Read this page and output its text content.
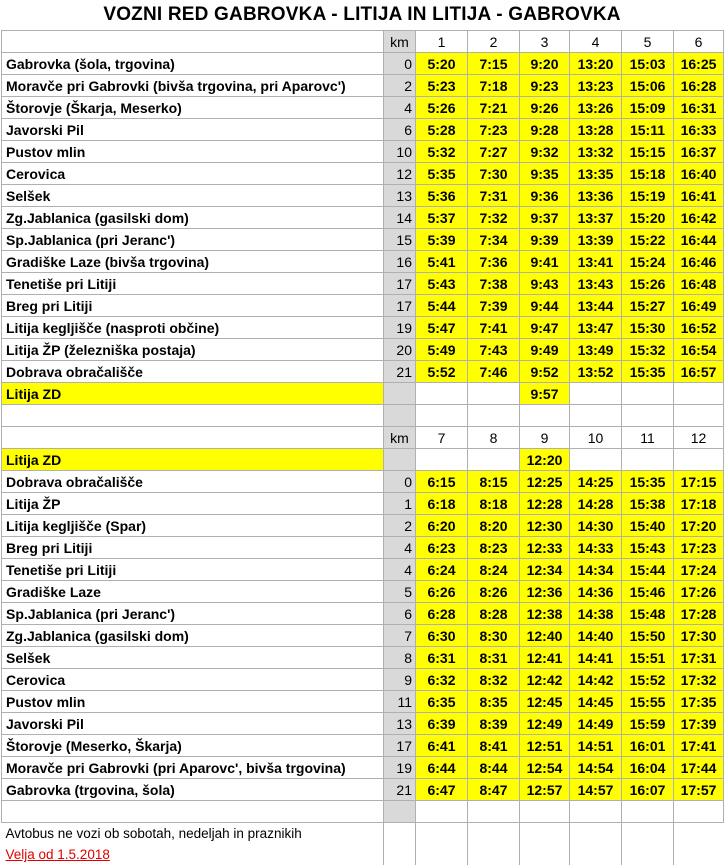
VOZNI RED GABROVKA - LITIJA IN LITIJA - GABROVKA
	km	1	2	3	4	5	6
Gabrovka (šola, trgovina)	0	5:20	7:15	9:20	13:20	15:03	16:25
Moravče pri Gabrovki (bivša trgovina, pri Aparovc')	2	5:23	7:18	9:23	13:23	15:06	16:28
Štorovje (Škarja, Meserko)	4	5:26	7:21	9:26	13:26	15:09	16:31
Javorski Pil	6	5:28	7:23	9:28	13:28	15:11	16:33
Pustov mlin	10	5:32	7:27	9:32	13:32	15:15	16:37
Cerovica	12	5:35	7:30	9:35	13:35	15:18	16:40
Selšek	13	5:36	7:31	9:36	13:36	15:19	16:41
Zg.Jablanica (gasilski dom)	14	5:37	7:32	9:37	13:37	15:20	16:42
Sp.Jablanica (pri Jeranc')	15	5:39	7:34	9:39	13:39	15:22	16:44
Gradiške Laze (bivša trgovina)	16	5:41	7:36	9:41	13:41	15:24	16:46
Tenetiše pri Litiji	17	5:43	7:38	9:43	13:43	15:26	16:48
Breg pri Litiji	17	5:44	7:39	9:44	13:44	15:27	16:49
Litija kegljišče (nasproti občine)	19	5:47	7:41	9:47	13:47	15:30	16:52
Litija ŽP (železniška postaja)	20	5:49	7:43	9:49	13:49	15:32	16:54
Dobrava obračališče	21	5:52	7:46	9:52	13:52	15:35	16:57
Litija ZD				9:57			

	km	7	8	9	10	11	12
Litija ZD				12:20			
Dobrava obračališče	0	6:15	8:15	12:25	14:25	15:35	17:15
Litija ŽP	1	6:18	8:18	12:28	14:28	15:38	17:18
Litija kegljišče (Spar)	2	6:20	8:20	12:30	14:30	15:40	17:20
Breg pri Litiji	4	6:23	8:23	12:33	14:33	15:43	17:23
Tenetiše pri Litiji	4	6:24	8:24	12:34	14:34	15:44	17:24
Gradiške Laze	5	6:26	8:26	12:36	14:36	15:46	17:26
Sp.Jablanica (pri Jeranc')	6	6:28	8:28	12:38	14:38	15:48	17:28
Zg.Jablanica (gasilski dom)	7	6:30	8:30	12:40	14:40	15:50	17:30
Selšek	8	6:31	8:31	12:41	14:41	15:51	17:31
Cerovica	9	6:32	8:32	12:42	14:42	15:52	17:32
Pustov mlin	11	6:35	8:35	12:45	14:45	15:55	17:35
Javorski Pil	13	6:39	8:39	12:49	14:49	15:59	17:39
Štorovje (Meserko, Škarja)	17	6:41	8:41	12:51	14:51	16:01	17:41
Moravče pri Gabrovki (pri Aparovc', bivša trgovina)	19	6:44	8:44	12:54	14:54	16:04	17:44
Gabrovka (trgovina, šola)	21	6:47	8:47	12:57	14:57	16:07	17:57

Avtobus ne vozi ob sobotah, nedeljah in praznikih							
Velja od 1.5.2018							
